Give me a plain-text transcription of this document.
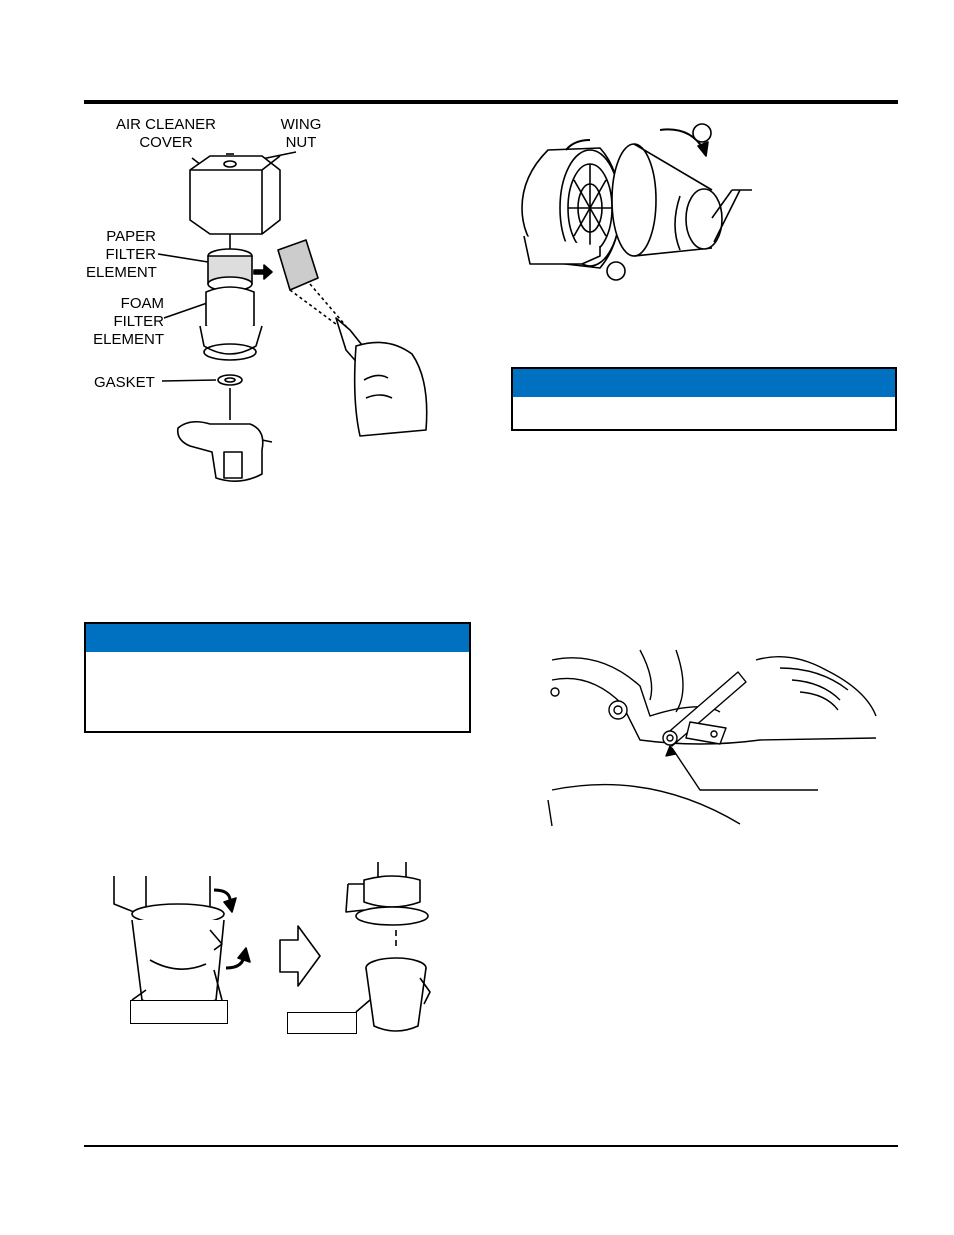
AIR CLEANER
COVER
WING
NUT
PAPER
FILTER
ELEMENT
FOAM
FILTER
ELEMENT
GASKET
